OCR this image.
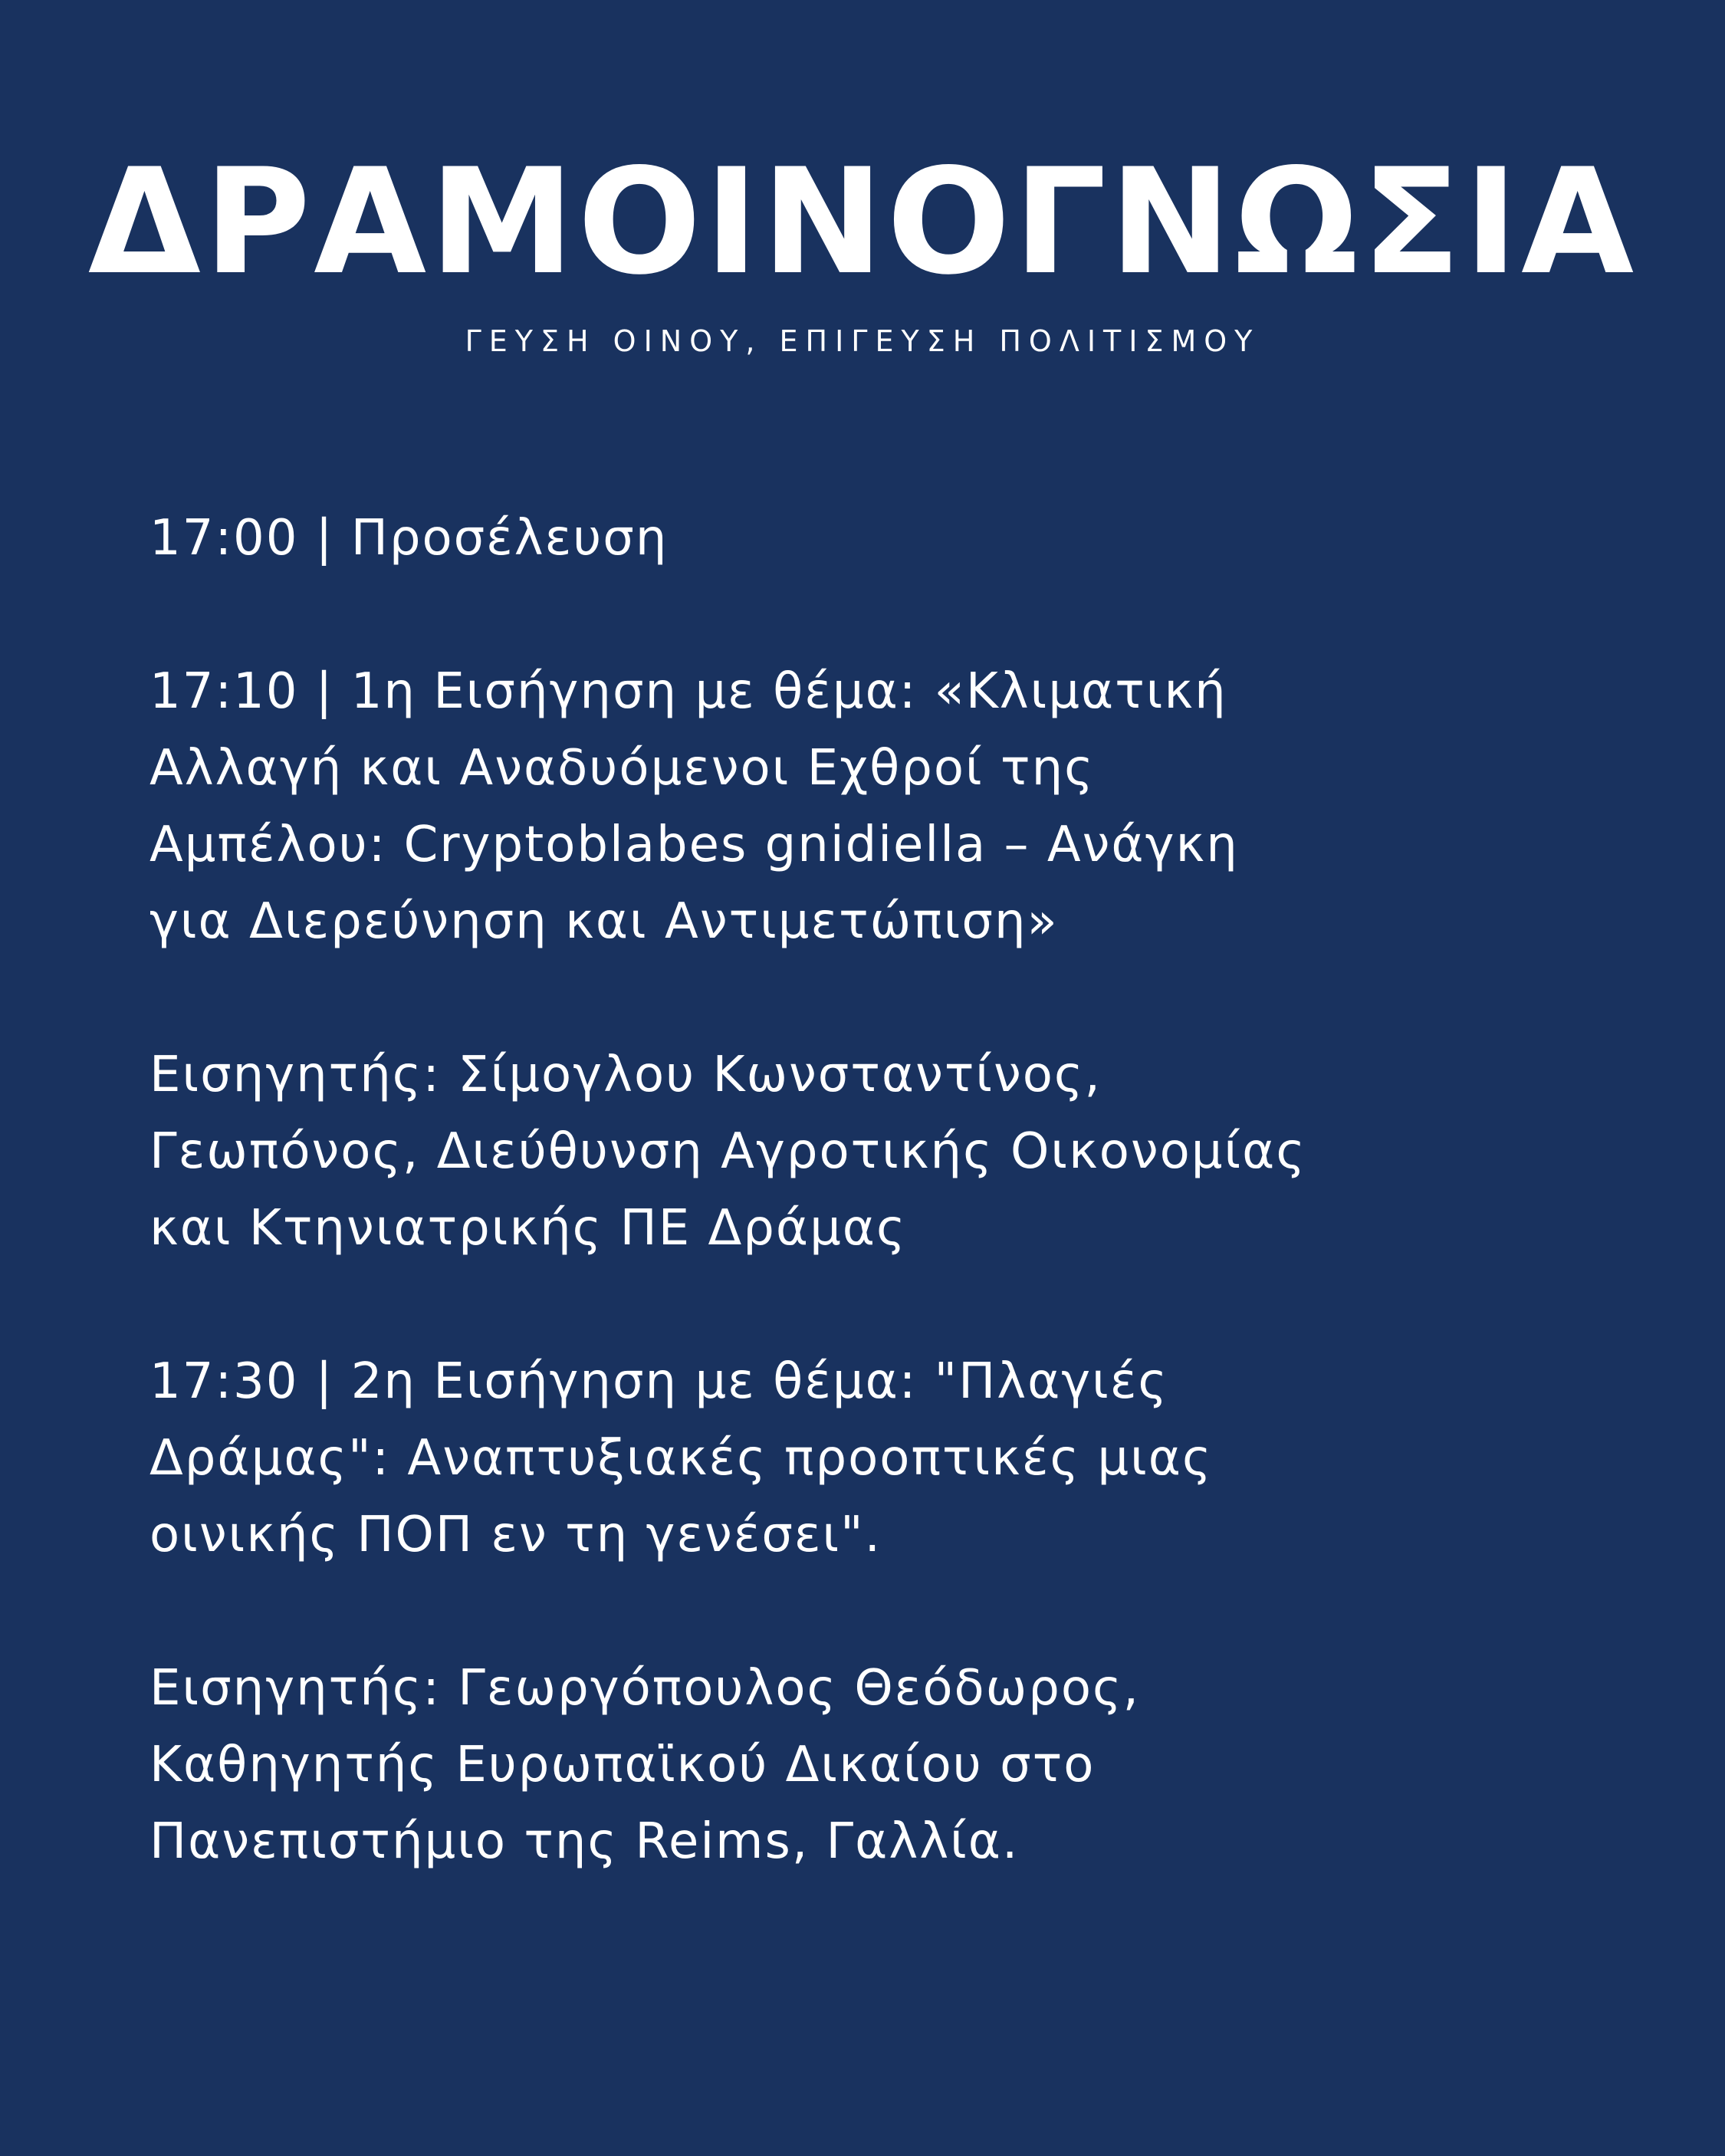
ΔΡΑΜΟΙΝΟΓΝΩΣΙΑ
ΓΕΥΣΗ ΟΙΝΟΥ, ΕΠΙΓΕΥΣΗ ΠΟΛΙΤΙΣΜΟΥ
17:00 | Προσέλευση
17:10 | 1η Εισήγηση με θέμα: «Κλιματική
Αλλαγή και Αναδυόμενοι Εχθροί της
Αμπέλου: Cryptoblabes gnidiella – Ανάγκη
για Διερεύνηση και Αντιμετώπιση»
Εισηγητής: Σίμογλου Κωνσταντίνος,
Γεωπόνος, Διεύθυνση Αγροτικής Οικονομίας
και Κτηνιατρικής ΠΕ Δράμας
17:30 | 2η Εισήγηση με θέμα: "Πλαγιές
Δράμας": Αναπτυξιακές προοπτικές μιας
οινικής ΠΟΠ εν τη γενέσει".
Εισηγητής: Γεωργόπουλος Θεόδωρος,
Καθηγητής Ευρωπαϊκού Δικαίου στο
Πανεπιστήμιο της Reims, Γαλλία.
